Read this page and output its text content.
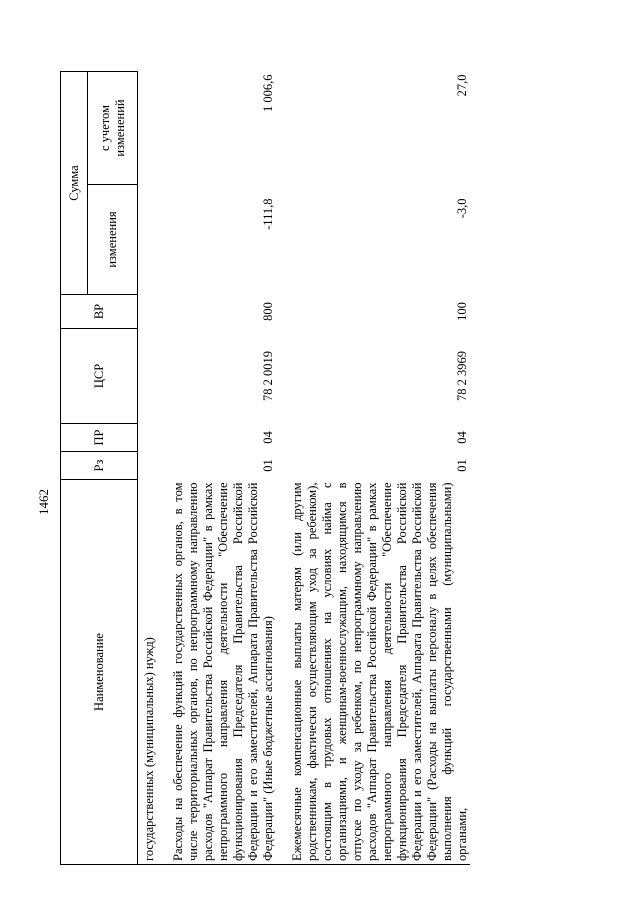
1462
Наименование	Рз	ПР	ЦСР	ВР	Сумма	
					изменения	с учетом изменений
государственных (муниципальных) нужд)						
Расходы на обеспечение функций государственных органов, в том числе территориальных органов, по непрограммному направлению расходов "Аппарат Правительства Российской Федерации" в рамках непрограммного направления деятельности "Обеспечение функционирования Председателя Правительства Российской Федерации и его заместителей, Аппарата Правительства Российской Федерации" (Иные бюджетные ассигнования)	01	04	78 2 0019	800	-111,8	1 006,6

Ежемесячные компенсационные выплаты матерям (или другим родственникам, фактически осуществляющим уход за ребенком), состоящим в трудовых отношениях на условиях найма с организациями, и женщинам-военнослужащим, находящимся в отпуске по уходу за ребенком, по непрограммному направлению расходов "Аппарат Правительства Российской Федерации" в рамках непрограммного направления деятельности "Обеспечение функционирования Председателя Правительства Российской Федерации и его заместителей, Аппарата Правительства Российской Федерации" (Расходы на выплаты персоналу в целях обеспечения выполнения функций государственными (муниципальными) органами,	01	04	78 2 3969	100	-3,0	27,0
